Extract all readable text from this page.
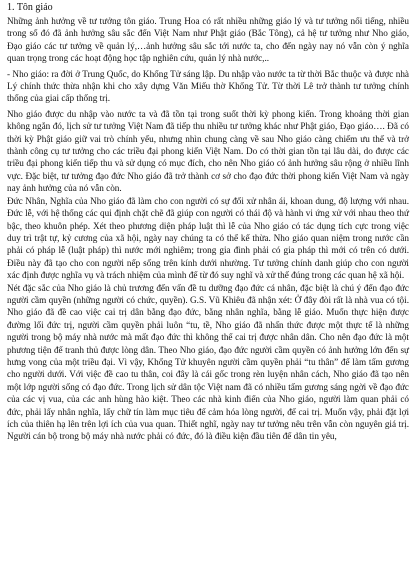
1. Tôn giáo

Những ảnh hưởng về tư tưởng tôn giáo. Trung Hoa có rất nhiều những giáo lý và tư tưởng nổi tiếng, nhiều trong số đó đã ảnh hưởng sâu sắc đến Việt Nam như Phật giáo (Bắc Tông), cả hệ tư tưởng như Nho giáo, Đạo giáo các tư tưởng về quản lý,…ảnh hưởng sâu sắc tới nước ta, cho đến ngày nay nó vẫn còn ý nghĩa quan trọng trong các hoạt động học tập nghiên cứu, quản lý nhà nước,..

- Nho giáo: ra đời ở Trung Quốc, do Khổng Tử sáng lập. Du nhập vào nước ta từ thời Bắc thuộc và được nhà Lý chính thức thừa nhận khi cho xây dựng Văn Miếu thờ Khổng Tử. Từ thời Lê trở thành tư tưởng chính thống của giai cấp thống trị.

Nho giáo được du nhập vào nước ta và đã tồn tại trong suốt thời kỳ phong kiến. Trong khoảng thời gian không ngắn đó, lịch sử tư tưởng Việt Nam đã tiếp thu nhiều tư tưởng khác như Phật giáo, Đạo giáo…. Đã có thời kỳ Phật giáo giữ vai trò chính yếu, nhưng nhìn chung càng về sau Nho giáo càng chiếm ưu thế và trở thành công cụ tư tưởng cho các triều đại phong kiến Việt Nam. Do có thời gian tồn tại lâu dài, do được các triều đại phong kiến tiếp thu và sử dụng có mục đích, cho nên Nho giáo có ảnh hưởng sâu rộng ở nhiều lĩnh vực. Đặc biệt, tư tưởng đạo đức Nho giáo đã trở thành cơ sở cho đạo đức thời phong kiến Việt Nam và ngày nay ảnh hưởng của nó vẫn còn.

Đức Nhân, Nghĩa của Nho giáo đã làm cho con người có sự đối xử nhân ái, khoan dung, độ lượng với nhau. Đức lễ, với hệ thống các qui định chặt chẽ đã giúp con người có thái độ và hành vi ứng xử với nhau theo thứ bậc, theo khuôn phép. Xét theo phương diện pháp luật thì lễ của Nho giáo có tác dụng tích cực trong việc duy trì trật tự, kỷ cương của xã hội, ngày nay chúng ta có thể kế thừa. Nho giáo quan niệm trong nước cần phải có pháp lễ (luật pháp) thì nước mới nghiêm; trong gia đình phải có gia pháp thì mới có trên có dưới. Điều này đã tạo cho con người nếp sống trên kính dưới nhường. Tư tưởng chính danh giúp cho con người xác định được nghĩa vụ và trách nhiệm của mình để từ đó suy nghĩ và xử thế đúng trong các quan hệ xã hội.

Nét đặc sắc của Nho giáo là chủ trương đến vấn đề tu dưỡng đạo đức cá nhân, đặc biệt là chú ý đến đạo đức người cầm quyền (những người có chức, quyền). G.S. Vũ Khiêu đã nhận xét: Ở đây đòi rất là nhà vua có tội. Nho giáo đã đề cao việc cai trị dân bằng đạo đức, bằng nhân nghĩa, bằng lễ giáo. Muốn thực hiện được đường lối đức trị, người cầm quyền phải luôn “tu, tề, Nho giáo đã nhấn thức được một thực tế là những người trong bộ máy nhà nước mà mất đạo đức thì không thể cai trị được nhân dân. Cho nên đạo đức là một phương tiện để tranh thủ được lòng dân. Theo Nho giáo, đạo đức người cầm quyền có ảnh hưởng lớn đến sự hưng vong của một triều đại. Vì vậy, Khổng Tử khuyên người cầm quyền phải “tu thân” để làm tấm gương cho người dưới. Với việc đề cao tu thân, coi đây là cái gốc trong rèn luyện nhân cách, Nho giáo đã tạo nên một lớp người sống có đạo đức. Trong lịch sử dân tộc Việt nam đã có nhiều tấm gương sáng ngời về đạo đức của các vị vua, của các anh hùng hào kiệt. Theo các nhà kinh điển của Nho giáo, người làm quan phải có đức, phải lấy nhân nghĩa, lấy chữ tín làm mục tiêu để cảm hóa lòng người, để cai trị. Muốn vậy, phải đặt lợi ích của thiên hạ lên trên lợi ích của vua quan. Thiết nghĩ, ngày nay tư tưởng nêu trên vẫn còn nguyên giá trị. Người cán bộ trong bộ máy nhà nước phải có đức, đó là điều kiện đầu tiên để dân tin yêu,
